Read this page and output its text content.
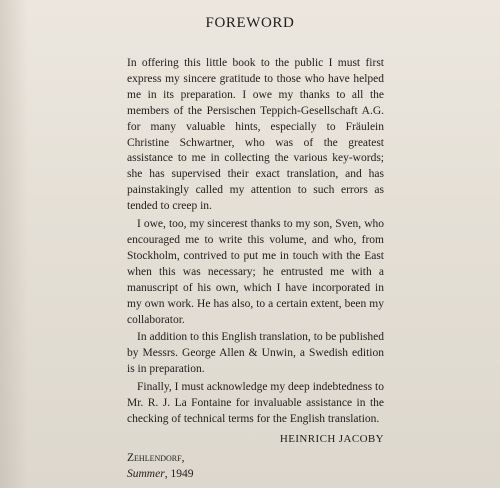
FOREWORD

In offering this little book to the public I must first express my sincere gratitude to those who have helped me in its preparation. I owe my thanks to all the members of the Persischen Teppich-Gesellschaft A.G. for many valuable hints, especially to Fräulein Christine Schwartner, who was of the greatest assistance to me in collecting the various key-words; she has supervised their exact translation, and has painstakingly called my attention to such errors as tended to creep in.

I owe, too, my sincerest thanks to my son, Sven, who encouraged me to write this volume, and who, from Stockholm, contrived to put me in touch with the East when this was necessary; he entrusted me with a manuscript of his own, which I have incorporated in my own work. He has also, to a certain extent, been my collaborator.

In addition to this English translation, to be published by Messrs. George Allen & Unwin, a Swedish edition is in preparation.

Finally, I must acknowledge my deep indebtedness to Mr. R. J. La Fontaine for invaluable assistance in the checking of technical terms for the English translation.

HEINRICH JACOBY

Zehlendorf,

Summer, 1949
